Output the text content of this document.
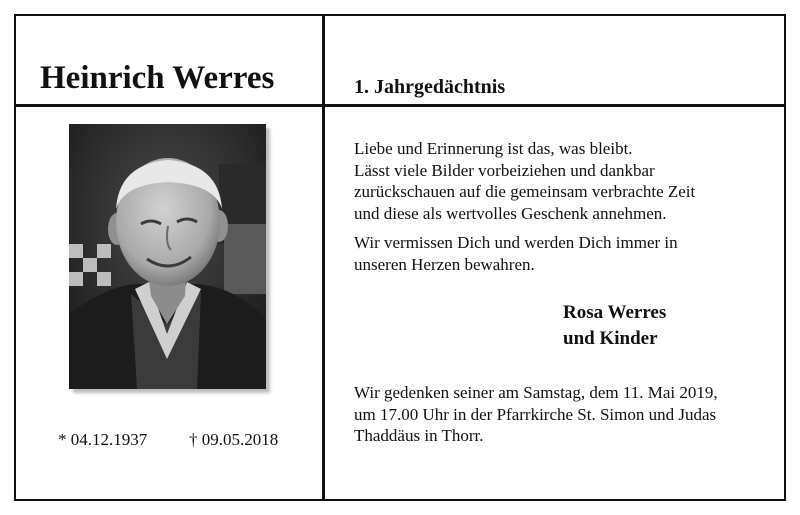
Heinrich Werres	1. Jahrgedächtnis
* 04.12.1937 † 09.05.2018
Liebe und Erinnerung ist das, was bleibt.
Lässt viele Bilder vorbeiziehen und dankbar
zurückschauen auf die gemeinsam verbrachte Zeit
und diese als wertvolles Geschenk annehmen.
Wir vermissen Dich und werden Dich immer in
unseren Herzen bewahren.
Rosa Werres
und Kinder
Wir gedenken seiner am Samstag, dem 11. Mai 2019,
um 17.00 Uhr in der Pfarrkirche St. Simon und Judas
Thaddäus in Thorr.
